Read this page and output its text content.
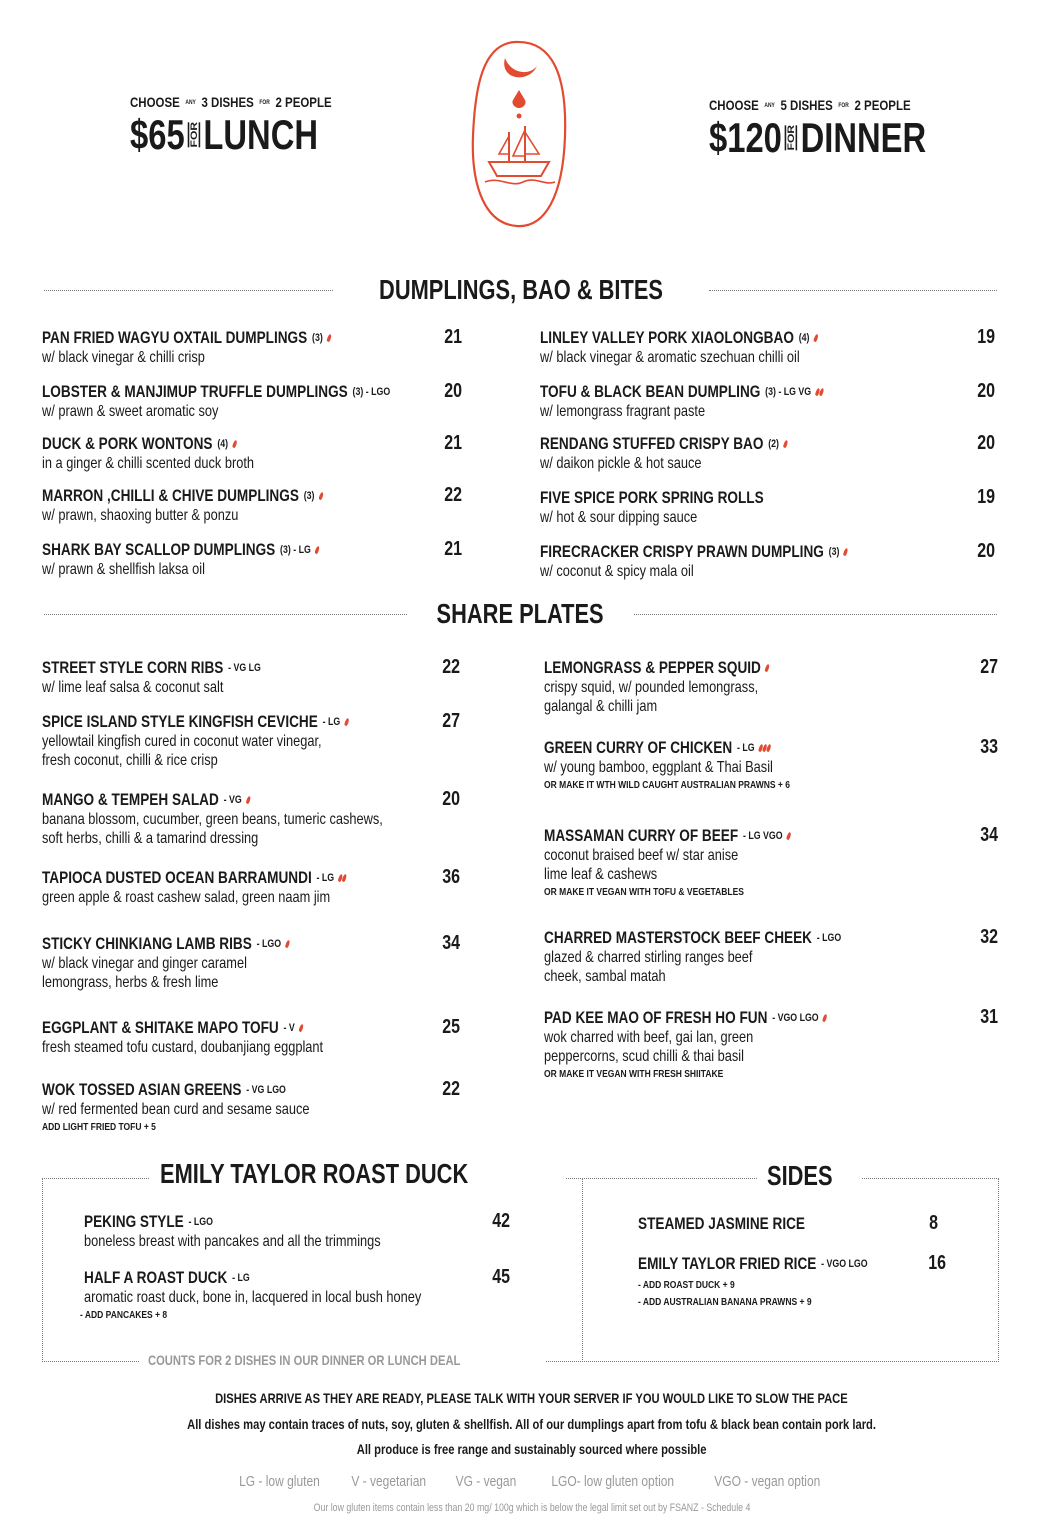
CHOOSE ANY 3 DISHES FOR 2 PEOPLE
$65 FOR LUNCH
CHOOSE ANY 5 DISHES FOR 2 PEOPLE
$120 FOR DINNER
DUMPLINGS, BAO & BITES
PAN FRIED WAGYU OXTAIL DUMPLINGS (3)
w/ black vinegar & chilli crisp
21
LOBSTER & MANJIMUP TRUFFLE DUMPLINGS (3) - LGO
w/ prawn & sweet aromatic soy
20
DUCK & PORK WONTONS (4)
in a ginger & chilli scented duck broth
21
MARRON ,CHILLI & CHIVE DUMPLINGS (3)
w/ prawn, shaoxing butter & ponzu
22
SHARK BAY SCALLOP DUMPLINGS (3) - LG
w/ prawn & shellfish laksa oil
21
LINLEY VALLEY PORK XIAOLONGBAO (4)
w/ black vinegar & aromatic szechuan chilli oil
19
TOFU & BLACK BEAN DUMPLING (3) - LG VG
w/ lemongrass fragrant paste
20
RENDANG STUFFED CRISPY BAO (2)
w/ daikon pickle & hot sauce
20
FIVE SPICE PORK SPRING ROLLS
w/ hot & sour dipping sauce
19
FIRECRACKER CRISPY PRAWN DUMPLING (3)
w/ coconut & spicy mala oil
20
SHARE PLATES
STREET STYLE CORN RIBS - VG LG
w/ lime leaf salsa & coconut salt
22
SPICE ISLAND STYLE KINGFISH CEVICHE - LG
yellowtail kingfish cured in coconut water vinegar,
fresh coconut, chilli & rice crisp
27
MANGO & TEMPEH SALAD - VG
banana blossom, cucumber, green beans, tumeric cashews,
soft herbs, chilli & a tamarind dressing
20
TAPIOCA DUSTED OCEAN BARRAMUNDI - LG
green apple & roast cashew salad, green naam jim
36
STICKY CHINKIANG LAMB RIBS - LGO
w/ black vinegar and ginger caramel
lemongrass, herbs & fresh lime
34
EGGPLANT & SHITAKE MAPO TOFU - V
fresh steamed tofu custard, doubanjiang eggplant
25
WOK TOSSED ASIAN GREENS - VG LGO
w/ red fermented bean curd and sesame sauce
ADD LIGHT FRIED TOFU + 5
22
LEMONGRASS & PEPPER SQUID
crispy squid, w/ pounded lemongrass,
galangal & chilli jam
27
GREEN CURRY OF CHICKEN - LG
w/ young bamboo, eggplant & Thai Basil
OR MAKE IT WTH WILD CAUGHT AUSTRALIAN PRAWNS + 6
33
MASSAMAN CURRY OF BEEF - LG VGO
coconut braised beef w/ star anise
lime leaf & cashews
OR MAKE IT VEGAN WITH TOFU & VEGETABLES
34
CHARRED MASTERSTOCK BEEF CHEEK - LGO
glazed & charred stirling ranges beef
cheek, sambal matah
32
PAD KEE MAO OF FRESH HO FUN - VGO LGO
wok charred with beef, gai lan, green
peppercorns, scud chilli & thai basil
OR MAKE IT VEGAN WITH FRESH SHIITAKE
31
EMILY TAYLOR ROAST DUCK
COUNTS FOR 2 DISHES IN OUR DINNER OR LUNCH DEAL
PEKING STYLE - LGO
boneless breast with pancakes and all the trimmings
42
HALF A ROAST DUCK - LG
aromatic roast duck, bone in, lacquered in local bush honey
- ADD PANCAKES + 8
45
SIDES
STEAMED JASMINE RICE	8
EMILY TAYLOR FRIED RICE - VGO LGO
- ADD ROAST DUCK + 9
- ADD AUSTRALIAN BANANA PRAWNS + 9
16
DISHES ARRIVE AS THEY ARE READY, PLEASE TALK WITH YOUR SERVER IF YOU WOULD LIKE TO SLOW THE PACE
All dishes may contain traces of nuts, soy, gluten & shellfish. All of our dumplings apart from tofu & black bean contain pork lard.
All produce is free range and sustainably sourced where possible
LG - low gluten V - vegetarian VG - vegan LGO- low gluten option	VGO - vegan option
Our low gluten items contain less than 20 mg/ 100g which is below the legal limit set out by FSANZ - Schedule 4
